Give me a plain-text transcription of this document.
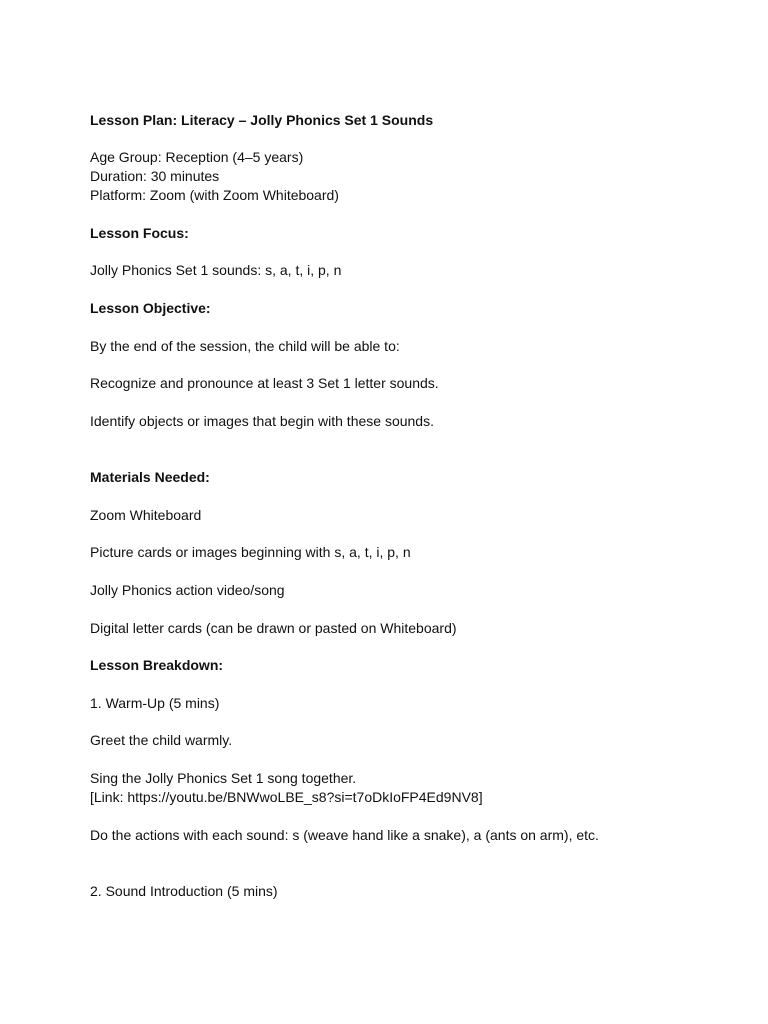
Lesson Plan: Literacy – Jolly Phonics Set 1 Sounds

Age Group: Reception (4–5 years)

Duration: 30 minutes

Platform: Zoom (with Zoom Whiteboard)

Lesson Focus:

Jolly Phonics Set 1 sounds: s, a, t, i, p, n

Lesson Objective:

By the end of the session, the child will be able to:

Recognize and pronounce at least 3 Set 1 letter sounds.

Identify objects or images that begin with these sounds.

Materials Needed:

Zoom Whiteboard

Picture cards or images beginning with s, a, t, i, p, n

Jolly Phonics action video/song

Digital letter cards (can be drawn or pasted on Whiteboard)

Lesson Breakdown:

1. Warm-Up (5 mins)

Greet the child warmly.

Sing the Jolly Phonics Set 1 song together.

[Link: https://youtu.be/BNWwoLBE_s8?si=t7oDkIoFP4Ed9NV8]

Do the actions with each sound: s (weave hand like a snake), a (ants on arm), etc.

2. Sound Introduction (5 mins)
